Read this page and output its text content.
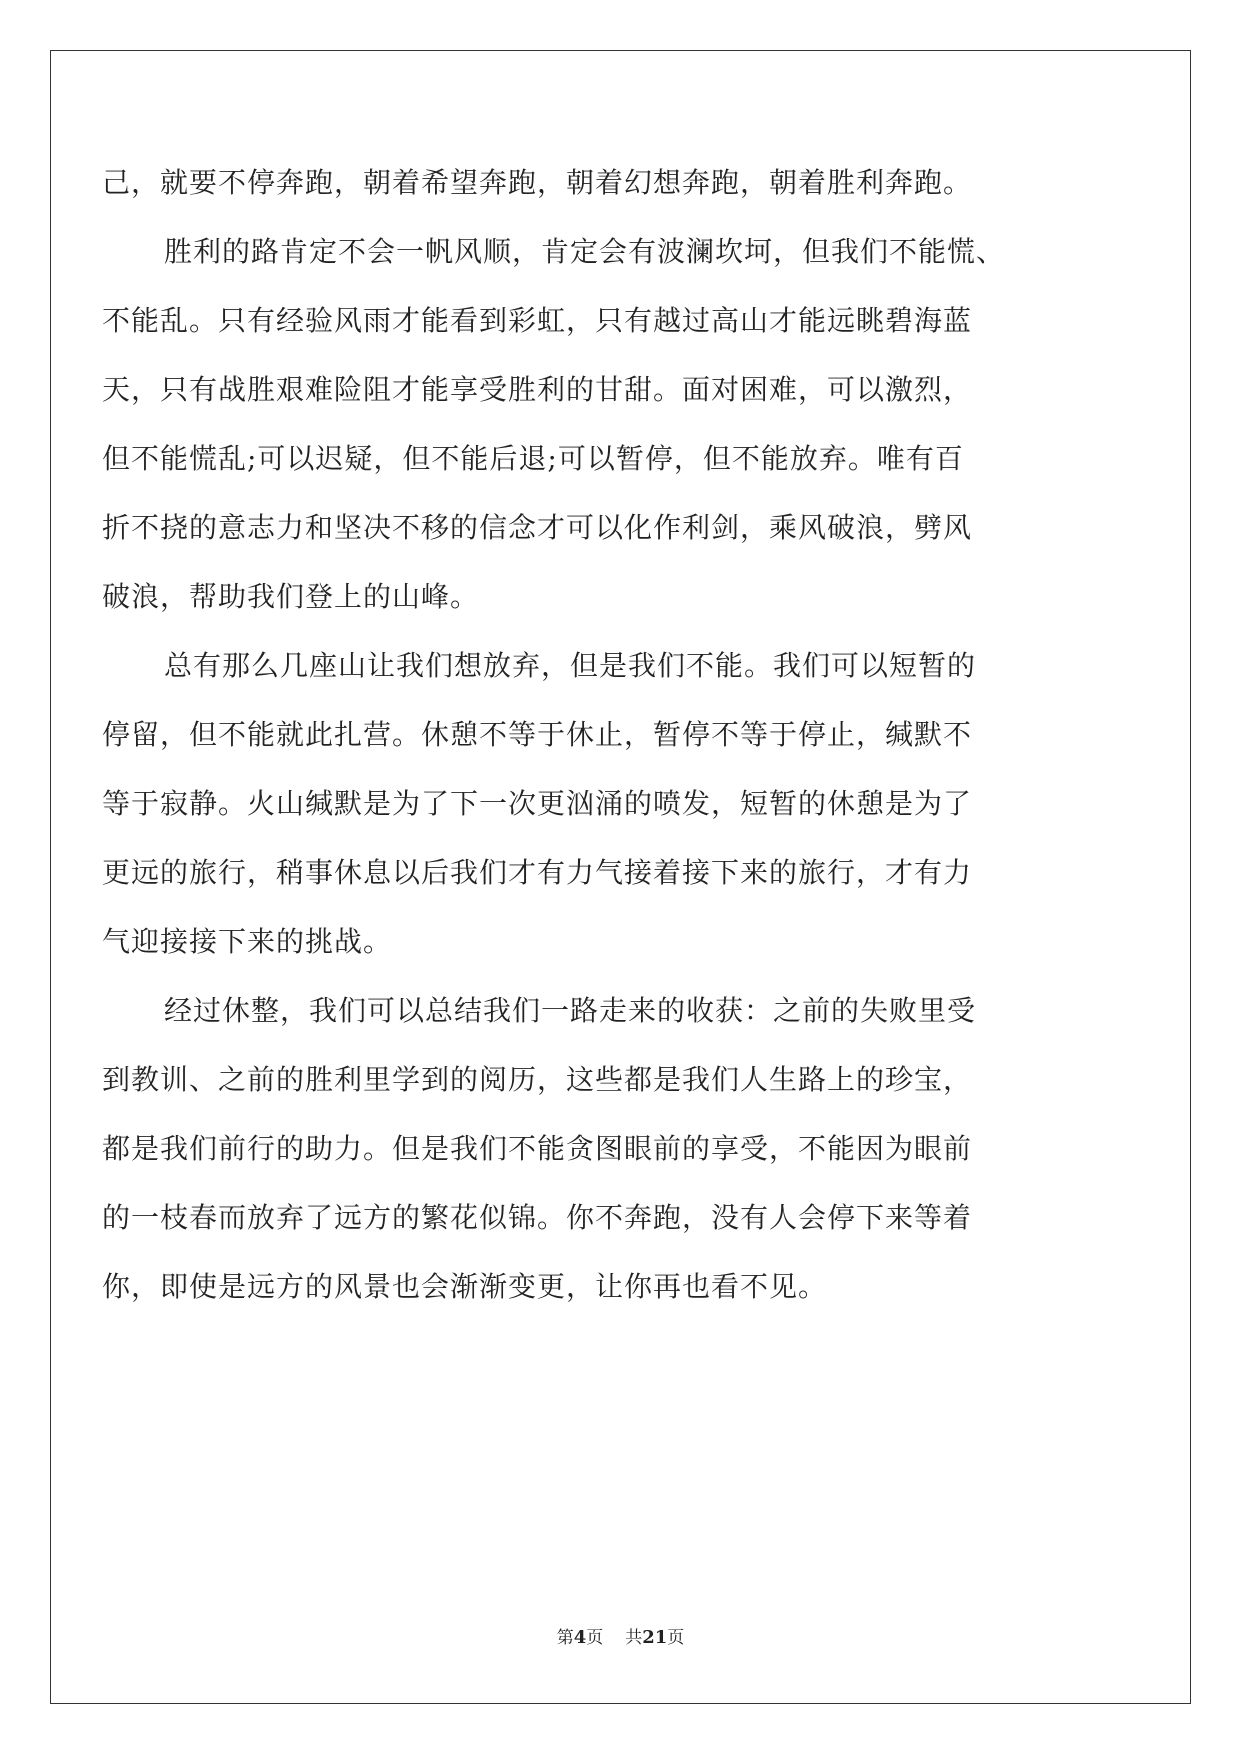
己，就要不停奔跑，朝着希望奔跑，朝着幻想奔跑，朝着胜利奔跑。
胜利的路肯定不会一帆风顺，肯定会有波澜坎坷，但我们不能慌、
不能乱。只有经验风雨才能看到彩虹，只有越过高山才能远眺碧海蓝
天，只有战胜艰难险阻才能享受胜利的甘甜。面对困难，可以激烈，
但不能慌乱;可以迟疑，但不能后退;可以暂停，但不能放弃。唯有百
折不挠的意志力和坚决不移的信念才可以化作利剑，乘风破浪，劈风
破浪，帮助我们登上的山峰。
总有那么几座山让我们想放弃，但是我们不能。我们可以短暂的
停留，但不能就此扎营。休憩不等于休止，暂停不等于停止，缄默不
等于寂静。火山缄默是为了下一次更汹涌的喷发，短暂的休憩是为了
更远的旅行，稍事休息以后我们才有力气接着接下来的旅行，才有力
气迎接接下来的挑战。
经过休整，我们可以总结我们一路走来的收获：之前的失败里受
到教训、之前的胜利里学到的阅历，这些都是我们人生路上的珍宝，
都是我们前行的助力。但是我们不能贪图眼前的享受，不能因为眼前
的一枝春而放弃了远方的繁花似锦。你不奔跑，没有人会停下来等着
你，即使是远方的风景也会渐渐变更，让你再也看不见。
第4页 共21页
